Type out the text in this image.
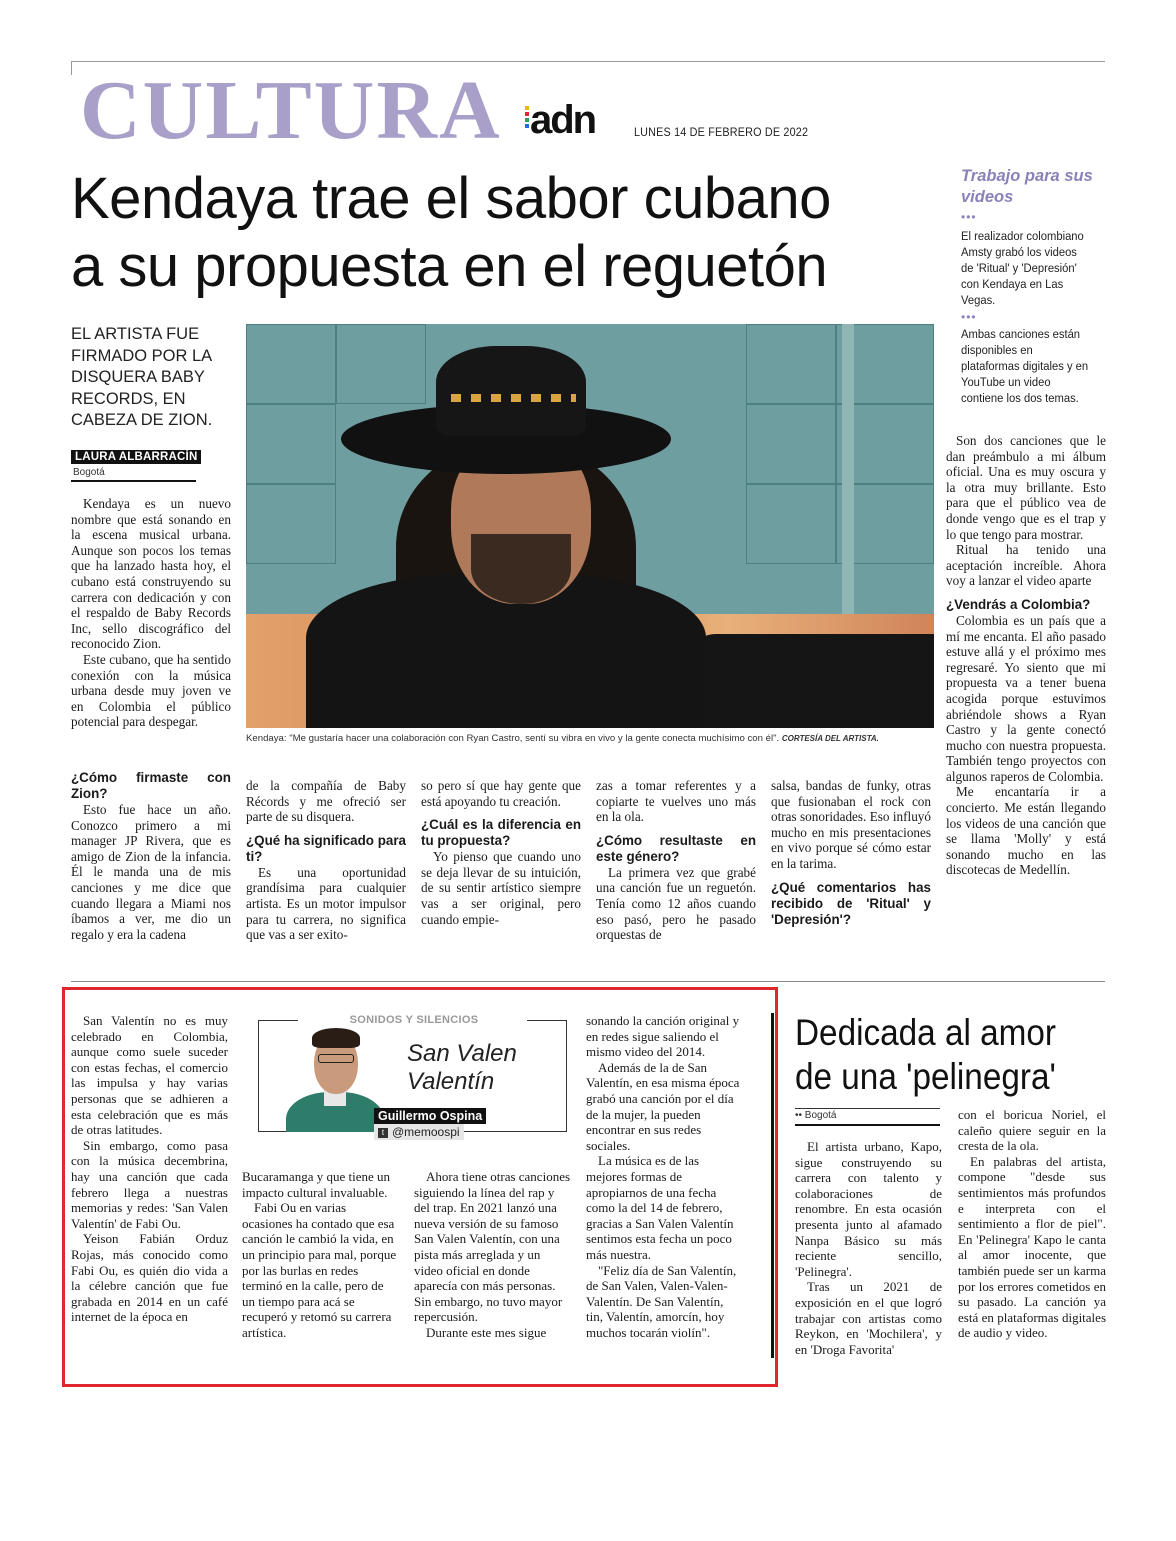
CULTURA adn	LUNES 14 DE FEBRERO DE 2022
Kendaya trae el sabor cubano
a su propuesta en el reguetón
EL ARTISTA FUE FIRMADO POR LA DISQUERA BABY RECORDS, EN CABEZA DE ZION.
LAURA ALBARRACÍN
Bogotá
Kendaya es un nuevo nombre que está sonando en la escena musical urbana. Aunque son pocos los temas que ha lanzado hasta hoy, el cubano está construyendo su carrera con dedicación y con el respaldo de Baby Records Inc, sello discográfico del reconocido Zion.
Este cubano, que ha sentido conexión con la música urbana desde muy joven ve en Colombia el público potencial para despegar.
Kendaya: "Me gustaría hacer una colaboración con Ryan Castro, sentí su vibra en vivo y la gente conecta muchísimo con él". CORTESÍA DEL ARTISTA.
¿Cómo firmaste con Zion?
Esto fue hace un año. Conozco primero a mi manager JP Rivera, que es amigo de Zion de la infancia. Él le manda una de mis canciones y me dice que cuando llegara a Miami nos íbamos a ver, me dio un regalo y era la cadena
de la compañía de Baby Récords y me ofreció ser parte de su disquera.
¿Qué ha significado para ti?
Es una oportunidad grandísima para cualquier artista. Es un motor impulsor para tu carrera, no significa que vas a ser exito-
so pero sí que hay gente que está apoyando tu creación.
¿Cuál es la diferencia en tu propuesta?
Yo pienso que cuando uno se deja llevar de su intuición, de su sentir artístico siempre vas a ser original, pero cuando empie-
zas a tomar referentes y a copiarte te vuelves uno más en la ola.
¿Cómo resultaste en este género?
La primera vez que grabé una canción fue un reguetón. Tenía como 12 años cuando eso pasó, pero he pasado orquestas de
salsa, bandas de funky, otras que fusionaban el rock con otras sonoridades. Eso influyó mucho en mis presentaciones en vivo porque sé cómo estar en la tarima.
¿Qué comentarios has recibido de 'Ritual' y 'Depresión'?
Trabajo para sus videos
•••
El realizador colombiano Amsty grabó los videos de 'Ritual' y 'Depresión' con Kendaya en Las Vegas.
•••
Ambas canciones están disponibles en plataformas digitales y en YouTube un video contiene los dos temas.
Son dos canciones que le dan preámbulo a mi álbum oficial. Una es muy oscura y la otra muy brillante. Esto para que el público vea de donde vengo que es el trap y lo que tengo para mostrar.
Ritual ha tenido una aceptación increíble. Ahora voy a lanzar el video aparte
¿Vendrás a Colombia?
Colombia es un país que a mí me encanta. El año pasado estuve allá y el próximo mes regresaré. Yo siento que mi propuesta va a tener buena acogida porque estuvimos abriéndole shows a Ryan Castro y la gente conectó mucho con nuestra propuesta. También tengo proyectos con algunos raperos de Colombia.
Me encantaría ir a concierto. Me están llegando los videos de una canción que se llama 'Molly' y está sonando mucho en las discotecas de Medellín.
San Valentín no es muy celebrado en Colombia, aunque como suele suceder con estas fechas, el comercio las impulsa y hay varias personas que se adhieren a esta celebración que es más de otras latitudes.
Sin embargo, como pasa con la música decembrina, hay una canción que cada febrero llega a nuestras memorias y redes: 'San Valen Valentín' de Fabi Ou.
Yeison Fabián Orduz Rojas, más conocido como Fabi Ou, es quién dio vida a la célebre canción que fue grabada en 2014 en un café internet de la época en
SONIDOS Y SILENCIOS
San Valen
Valentín
Guillermo Ospina
t @memoospi
Bucaramanga y que tiene un impacto cultural invaluable.
Fabi Ou en varias ocasiones ha contado que esa canción le cambió la vida, en un principio para mal, porque por las burlas en redes terminó en la calle, pero de un tiempo para acá se recuperó y retomó su carrera artística.
Ahora tiene otras canciones siguiendo la línea del rap y del trap. En 2021 lanzó una nueva versión de su famoso San Valen Valentín, con una pista más arreglada y un video oficial en donde aparecía con más personas. Sin embargo, no tuvo mayor repercusión.
Durante este mes sigue
sonando la canción original y en redes sigue saliendo el mismo video del 2014.
Además de la de San Valentín, en esa misma época grabó una canción por el día de la mujer, la pueden encontrar en sus redes sociales.
La música es de las mejores formas de apropiarnos de una fecha como la del 14 de febrero, gracias a San Valen Valentín sentimos esta fecha un poco más nuestra.
"Feliz día de San Valentín, de San Valen, Valen-Valen-Valentín. De San Valentín, tin, Valentín, amorcín, hoy muchos tocarán violín".
Dedicada al amor
de una 'pelinegra'
•• Bogotá
El artista urbano, Kapo, sigue construyendo su carrera con talento y colaboraciones de renombre. En esta ocasión presenta junto al afamado Nanpa Básico su más reciente sencillo, 'Pelinegra'.
Tras un 2021 de exposición en el que logró trabajar con artistas como Reykon, en 'Mochilera', y en 'Droga Favorita'
con el boricua Noriel, el caleño quiere seguir en la cresta de la ola.
En palabras del artista, compone "desde sus sentimientos más profundos e interpreta con el sentimiento a flor de piel". En 'Pelinegra' Kapo le canta al amor inocente, que también puede ser un karma por los errores cometidos en su pasado. La canción ya está en plataformas digitales de audio y video.
